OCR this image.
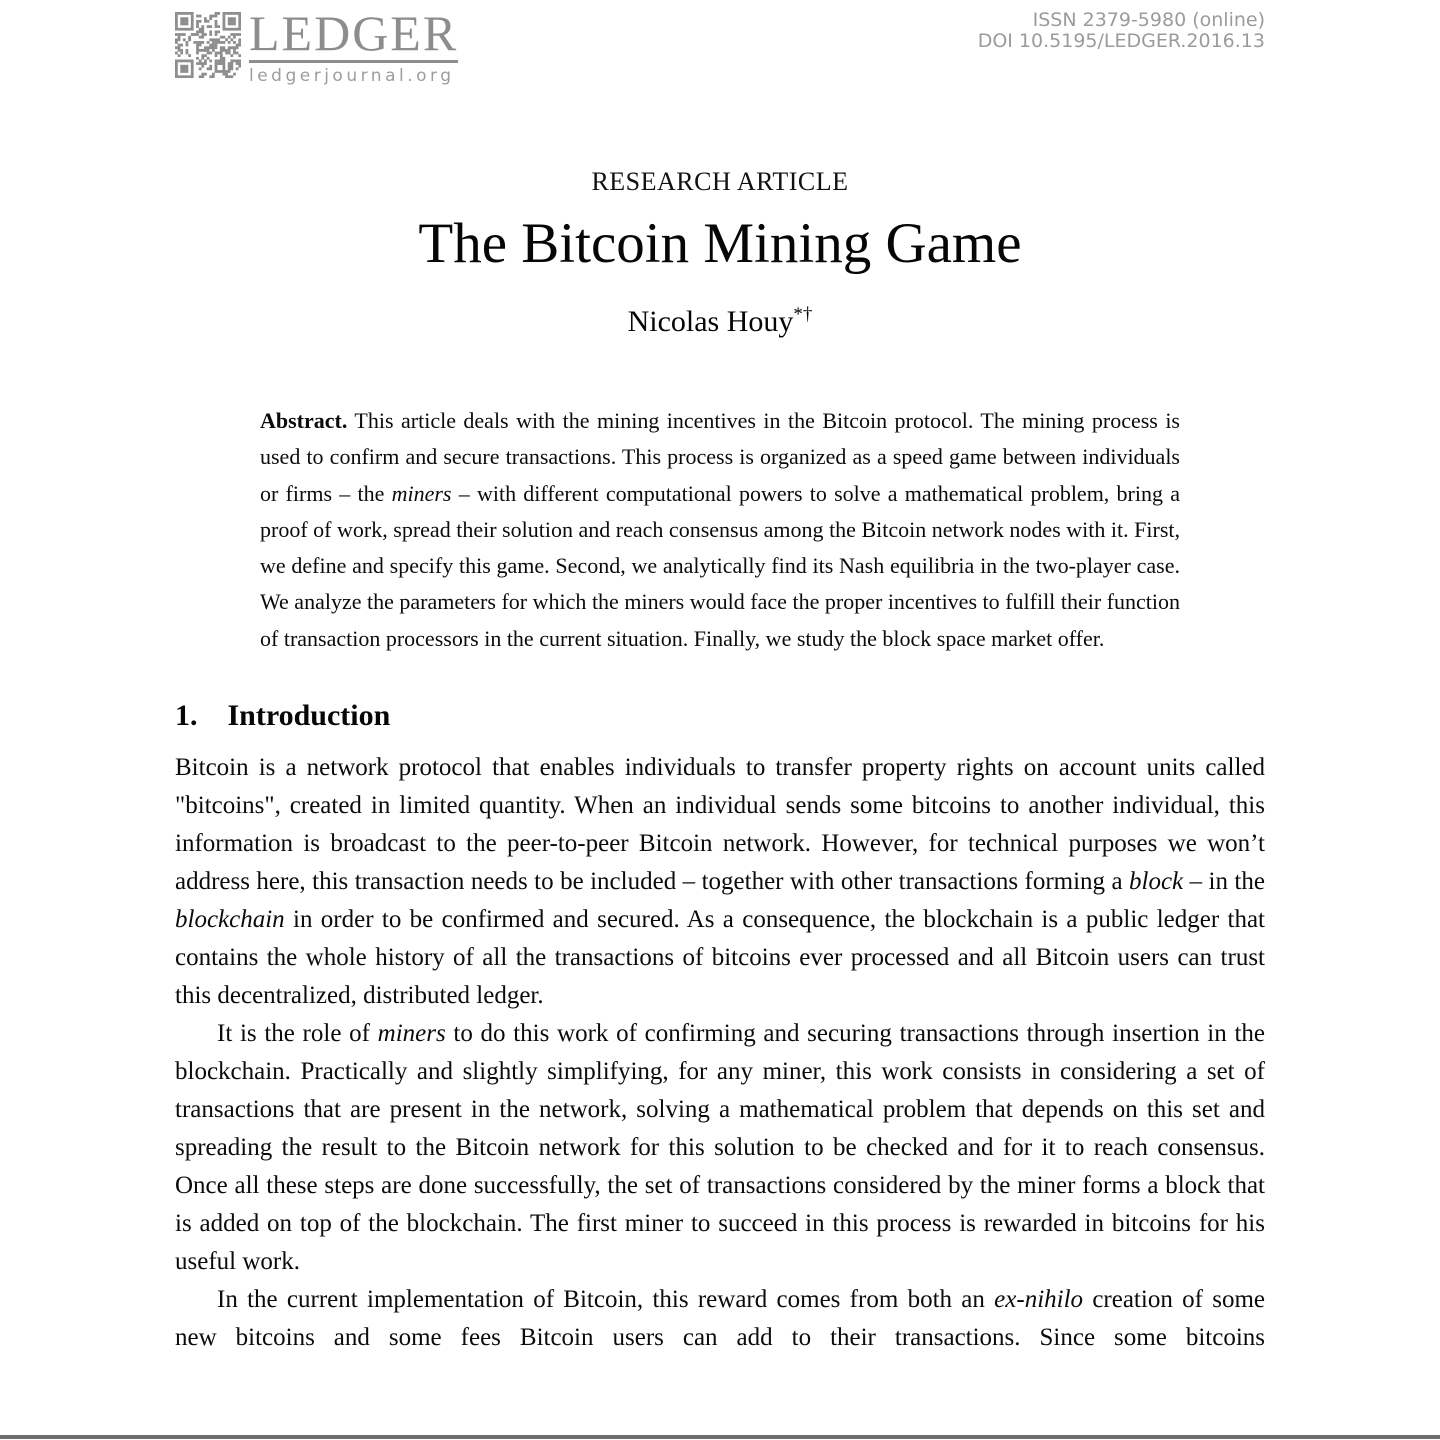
LEDGER
ledgerjournal.org
ISSN 2379-5980 (online)
DOI 10.5195/LEDGER.2016.13
RESEARCH ARTICLE
The Bitcoin Mining Game
Nicolas Houy*†
Abstract. This article deals with the mining incentives in the Bitcoin protocol. The mining process is used to confirm and secure transactions. This process is organized as a speed game between individuals or firms – the miners – with different computational powers to solve a mathematical problem, bring a proof of work, spread their solution and reach consensus among the Bitcoin network nodes with it. First, we define and specify this game. Second, we analytically find its Nash equilibria in the two-player case. We analyze the parameters for which the miners would face the proper incentives to fulfill their function of transaction processors in the current situation. Finally, we study the block space market offer.
1. Introduction

Bitcoin is a network protocol that enables individuals to transfer property rights on account units called "bitcoins", created in limited quantity. When an individual sends some bitcoins to another individual, this information is broadcast to the peer-to-peer Bitcoin network. However, for technical purposes we won’t address here, this transaction needs to be included – together with other transactions forming a block – in the blockchain in order to be confirmed and secured. As a consequence, the blockchain is a public ledger that contains the whole history of all the transactions of bitcoins ever processed and all Bitcoin users can trust this decentralized, distributed ledger.

It is the role of miners to do this work of confirming and securing transactions through insertion in the blockchain. Practically and slightly simplifying, for any miner, this work consists in considering a set of transactions that are present in the network, solving a mathematical problem that depends on this set and spreading the result to the Bitcoin network for this solution to be checked and for it to reach consensus. Once all these steps are done successfully, the set of transactions considered by the miner forms a block that is added on top of the blockchain. The first miner to succeed in this process is rewarded in bitcoins for his useful work.

In the current implementation of Bitcoin, this reward comes from both an ex-nihilo creation of some new bitcoins and some fees Bitcoin users can add to their transactions. Since some bitcoins
